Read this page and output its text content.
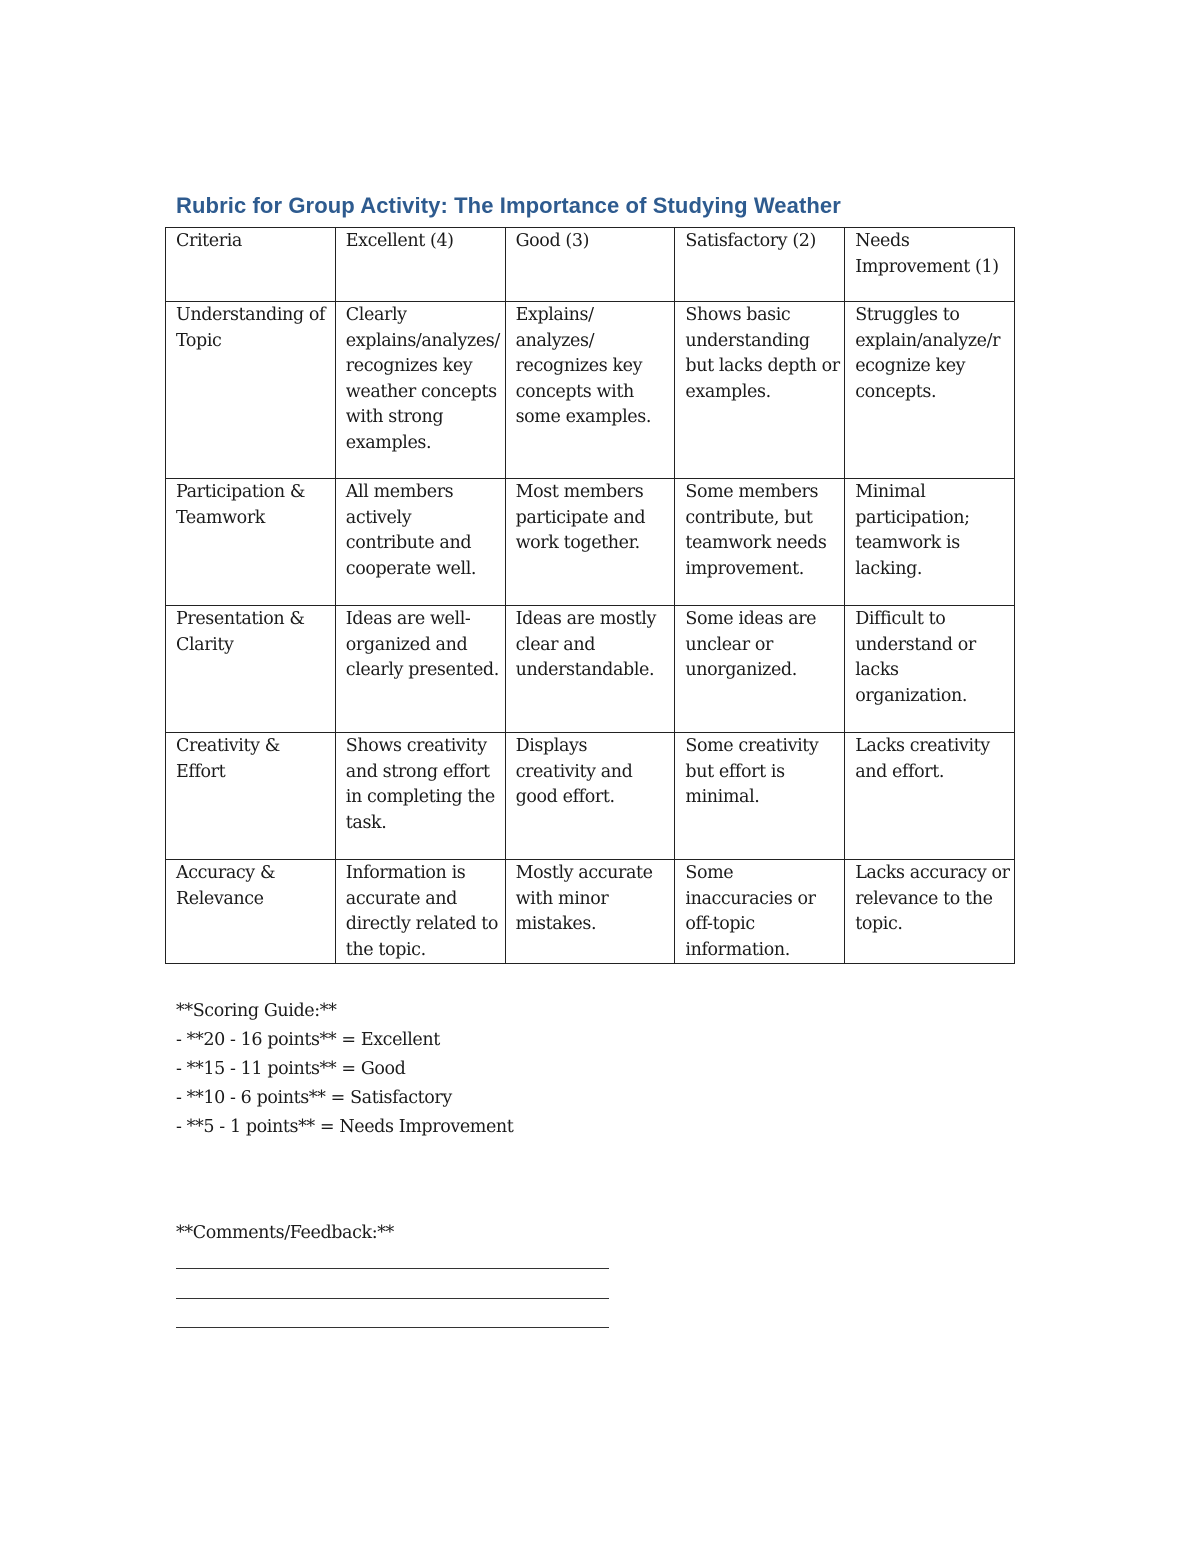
Rubric for Group Activity: The Importance of Studying Weather
Criteria	Excellent (4)	Good (3)	Satisfactory (2)	Needs Improvement (1)
Understanding of Topic	Clearly explains/analyzes/recognizes key weather concepts with strong examples.	Explains/ analyzes/ recognizes key concepts with some examples.	Shows basic understanding but lacks depth or examples.	Struggles to explain/analyze/recognize key concepts.
Participation & Teamwork	All members actively contribute and cooperate well.	Most members participate and work together.	Some members contribute, but teamwork needs improvement.	Minimal participation; teamwork is lacking.
Presentation & Clarity	Ideas are well-organized and clearly presented.	Ideas are mostly clear and understandable.	Some ideas are unclear or unorganized.	Difficult to understand or lacks organization.
Creativity & Effort	Shows creativity and strong effort in completing the task.	Displays creativity and good effort.	Some creativity but effort is minimal.	Lacks creativity and effort.
Accuracy & Relevance	Information is accurate and directly related to the topic.	Mostly accurate with minor mistakes.	Some inaccuracies or off-topic information.	Lacks accuracy or relevance to the topic.
**Scoring Guide:**
- **20 - 16 points** = Excellent
- **15 - 11 points** = Good
- **10 - 6 points** = Satisfactory
- **5 - 1 points** = Needs Improvement
**Comments/Feedback:**
